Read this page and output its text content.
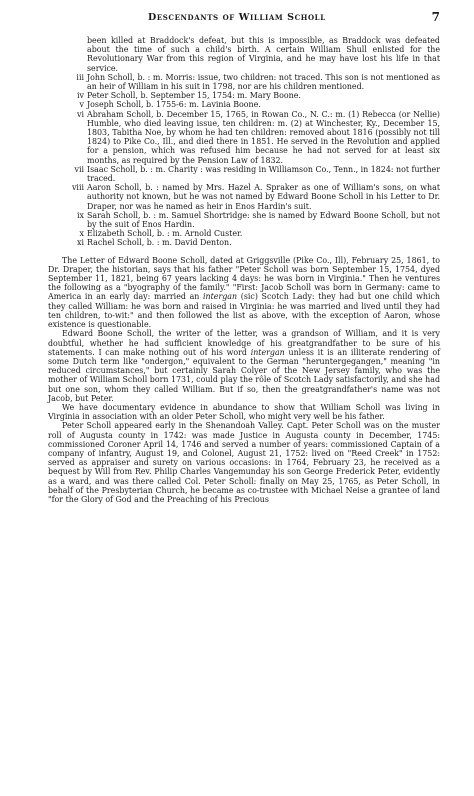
Descendants of William Scholl	7
been killed at Braddock's defeat, but this is impossible, as Braddock was defeated about the time of such a child's birth. A certain William Shull enlisted for the Revolutionary War from this region of Virginia, and he may have lost his life in that service.
iii John Scholl, b. : m. Morris: issue, two children: not traced. This son is not mentioned as an heir of William in his suit in 1798, nor are his children mentioned.
iv Peter Scholl, b. September 15, 1754: m. Mary Boone.
v Joseph Scholl, b. 1755-6: m. Lavinia Boone.
vi Abraham Scholl, b. December 15, 1765, in Rowan Co., N. C.: m. (1) Rebecca (or Nellie) Humble, who died leaving issue, ten children: m. (2) at Winchester, Ky., December 15, 1803, Tabitha Noe, by whom he had ten children: removed about 1816 (possibly not till 1824) to Pike Co., Ill., and died there in 1851. He served in the Revolution and applied for a pension, which was refused him because he had not served for at least six months, as required by the Pension Law of 1832.
vii Isaac Scholl, b. : m. Charity : was residing in Williamson Co., Tenn., in 1824: not further traced.
viii Aaron Scholl, b. : named by Mrs. Hazel A. Spraker as one of William's sons, on what authority not known, but he was not named by Edward Boone Scholl in his Letter to Dr. Draper, nor was he named as heir in Enos Hardin's suit.
ix Sarah Scholl, b. : m. Samuel Shortridge: she is named by Edward Boone Scholl, but not by the suit of Enos Hardin.
x Elizabeth Scholl, b. : m. Arnold Custer.
xi Rachel Scholl, b. : m. David Denton.

The Letter of Edward Boone Scholl, dated at Griggsville (Pike Co., Ill), February 25, 1861, to Dr. Draper, the historian, says that his father "Peter Scholl was born September 15, 1754, dyed September 11, 1821, being 67 years lacking 4 days: he was born in Virginia." Then he ventures the following as a "byography of the family." "First: Jacob Scholl was born in Germany: came to America in an early day: married an intergan (sic) Scotch Lady: they had but one child which they called William: he was born and raised in Virginia: he was married and lived until they had ten children, to-wit:" and then followed the list as above, with the exception of Aaron, whose existence is questionable.

Edward Boone Scholl, the writer of the letter, was a grandson of William, and it is very doubtful, whether he had sufficient knowledge of his greatgrandfather to be sure of his statements. I can make nothing out of his word intergan unless it is an illiterate rendering of some Dutch term like "ondergon," equivalent to the German "heruntergegangen," meaning "in reduced circumstances," but certainly Sarah Colyer of the New Jersey family, who was the mother of William Scholl born 1731, could play the rôle of Scotch Lady satisfactorily, and she had but one son, whom they called William. But if so, then the greatgrandfather's name was not Jacob, but Peter.

We have documentary evidence in abundance to show that William Scholl was living in Virginia in association with an older Peter Scholl, who might very well be his father.

Peter Scholl appeared early in the Shenandoah Valley. Capt. Peter Scholl was on the muster roll of Augusta county in 1742: was made Justice in Augusta county in December, 1745: commissioned Coroner April 14, 1746 and served a number of years: commissioned Captain of a company of infantry, August 19, and Colonel, August 21, 1752: lived on "Reed Creek" in 1752: served as appraiser and surety on various occasions: in 1764, February 23, he received as a bequest by Will from Rev. Philip Charles Vangemunday his son George Frederick Peter, evidently as a ward, and was there called Col. Peter Scholl: finally on May 25, 1765, as Peter Scholl, in behalf of the Presbyterian Church, he became as co-trustee with Michael Neise a grantee of land "for the Glory of God and the Preaching of his Precious
